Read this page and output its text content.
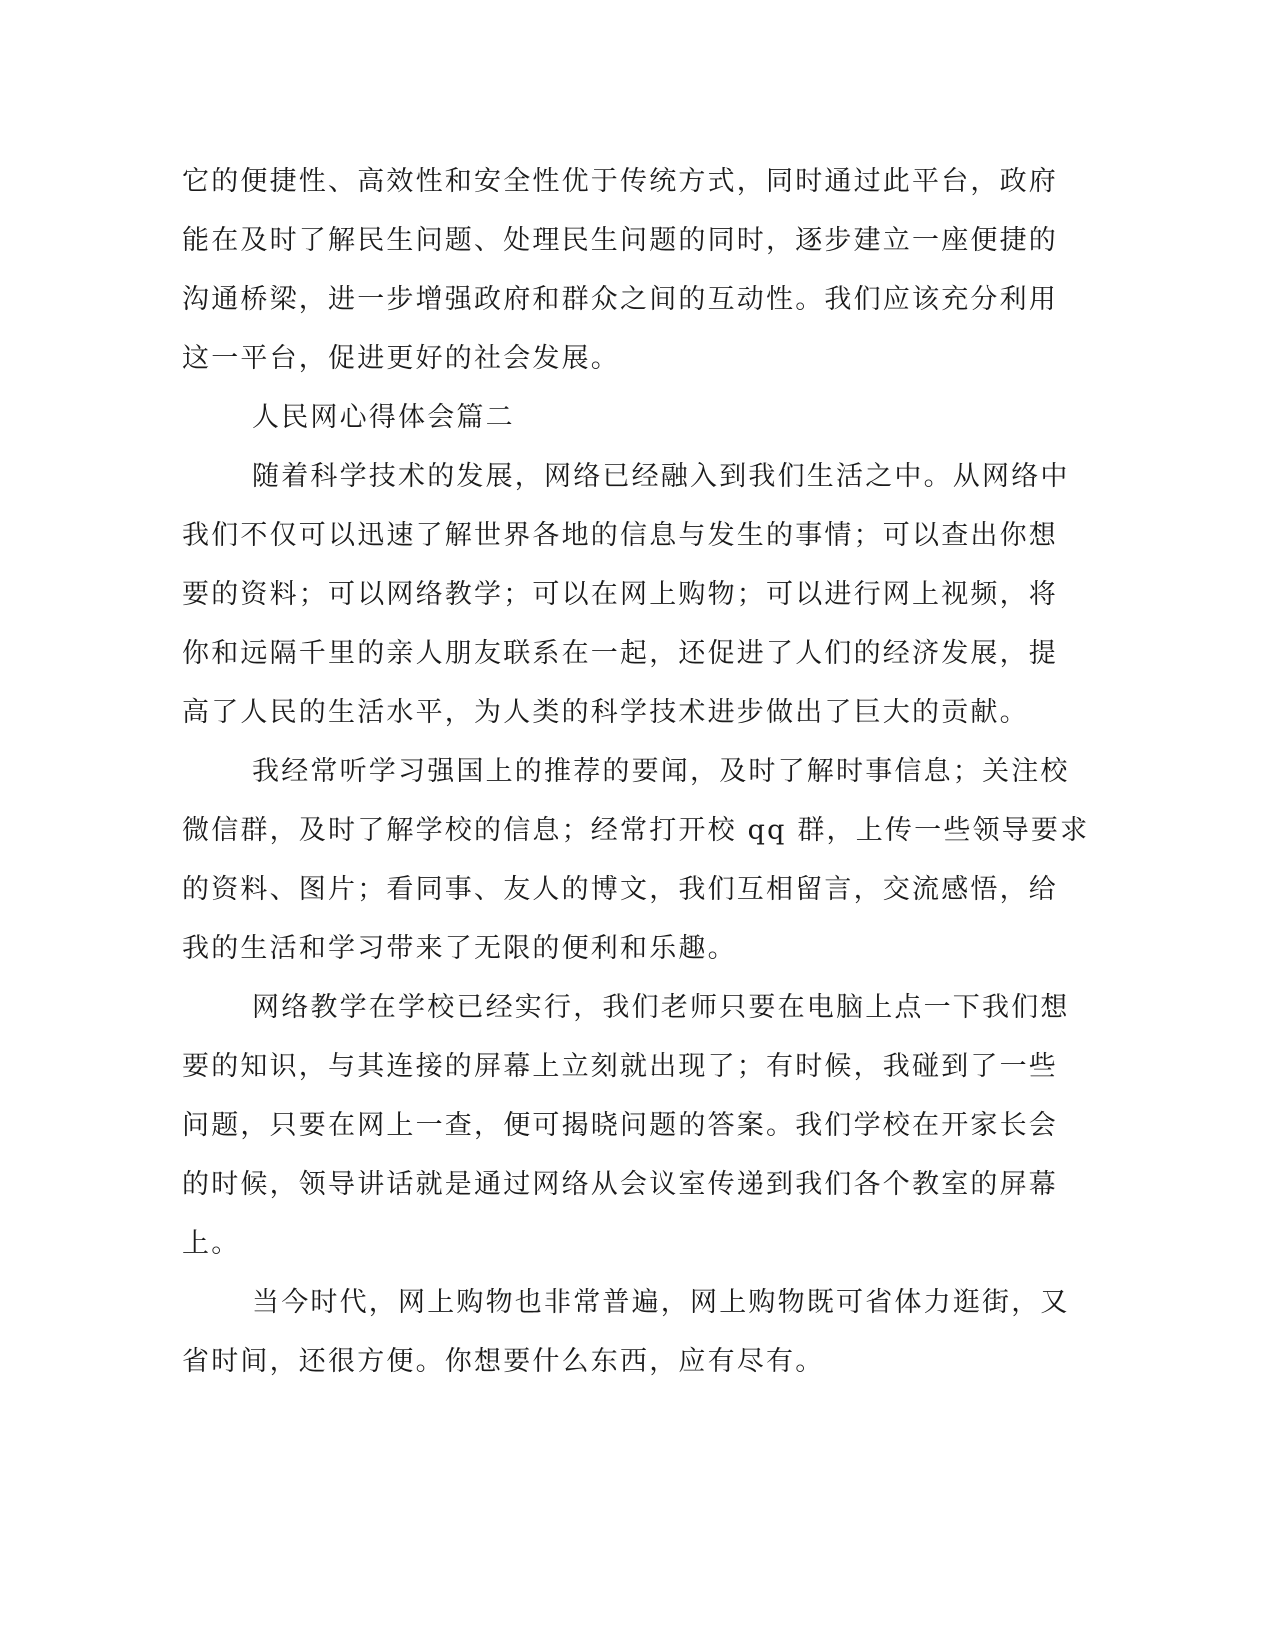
它的便捷性、高效性和安全性优于传统方式，同时通过此平台，政府
能在及时了解民生问题、处理民生问题的同时，逐步建立一座便捷的
沟通桥梁，进一步增强政府和群众之间的互动性。我们应该充分利用
这一平台，促进更好的社会发展。
人民网心得体会篇二
随着科学技术的发展，网络已经融入到我们生活之中。从网络中
我们不仅可以迅速了解世界各地的信息与发生的事情；可以查出你想
要的资料；可以网络教学；可以在网上购物；可以进行网上视频，将
你和远隔千里的亲人朋友联系在一起，还促进了人们的经济发展，提
高了人民的生活水平，为人类的科学技术进步做出了巨大的贡献。
我经常听学习强国上的推荐的要闻，及时了解时事信息；关注校
微信群，及时了解学校的信息；经常打开校 qq 群，上传一些领导要求
的资料、图片；看同事、友人的博文，我们互相留言，交流感悟，给
我的生活和学习带来了无限的便利和乐趣。
网络教学在学校已经实行，我们老师只要在电脑上点一下我们想
要的知识，与其连接的屏幕上立刻就出现了；有时候，我碰到了一些
问题，只要在网上一查，便可揭晓问题的答案。我们学校在开家长会
的时候，领导讲话就是通过网络从会议室传递到我们各个教室的屏幕
上。
当今时代，网上购物也非常普遍，网上购物既可省体力逛街，又
省时间，还很方便。你想要什么东西，应有尽有。
